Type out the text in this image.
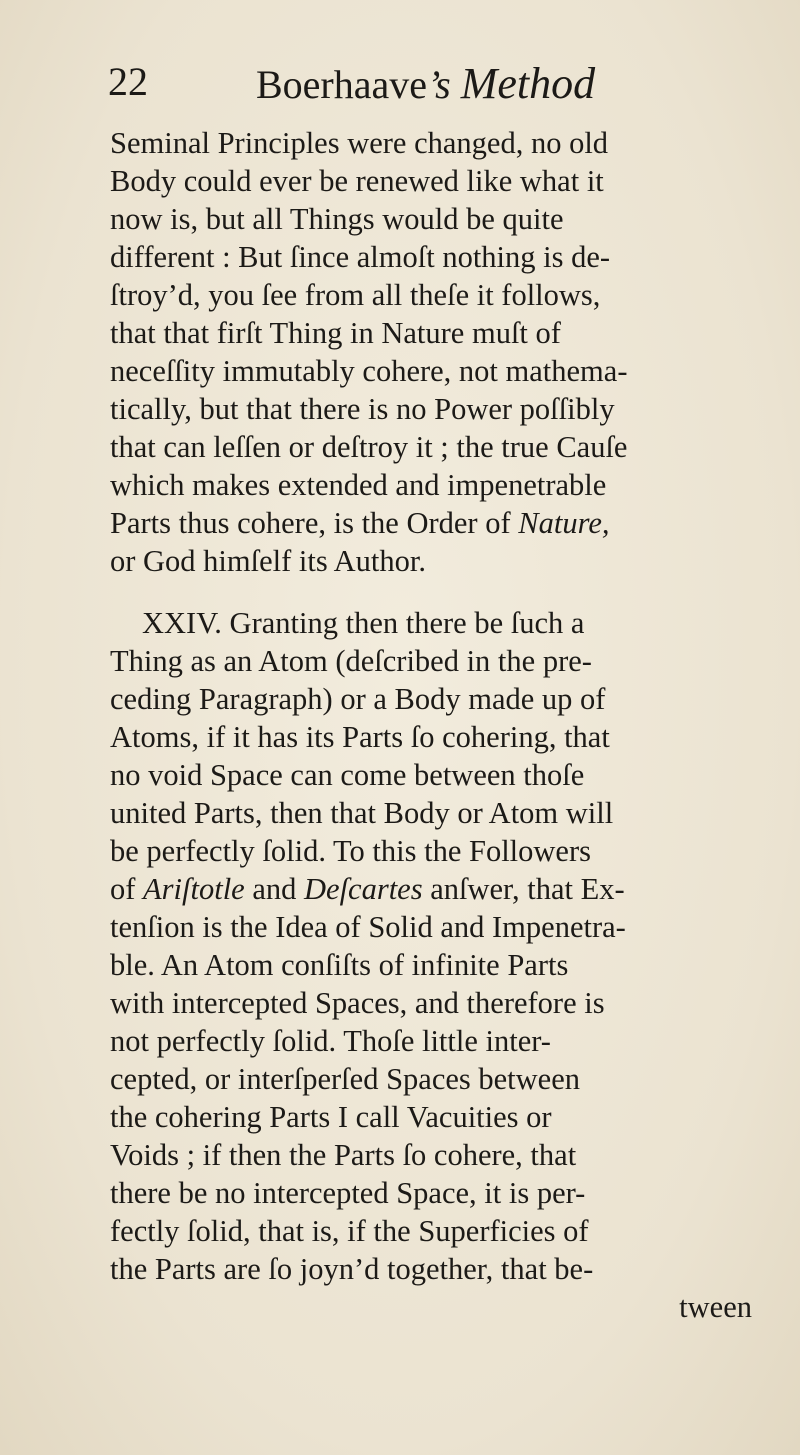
22	Boerhaave’s Method
Seminal Principles were changed, no old
Body could ever be renewed like what it
now is, but all Things would be quite
different : But ſince almoſt nothing is de-
ſtroy’d, you ſee from all theſe it follows,
that that firſt Thing in Nature muſt of
neceſſity immutably cohere, not mathema-
tically, but that there is no Power poſſibly
that can leſſen or deſtroy it ; the true Cauſe
which makes extended and impenetrable
Parts thus cohere, is the Order of Nature,
or God himſelf its Author.
XXIV. Granting then there be ſuch a
Thing as an Atom (deſcribed in the pre-
ceding Paragraph) or a Body made up of
Atoms, if it has its Parts ſo cohering, that
no void Space can come between thoſe
united Parts, then that Body or Atom will
be perfectly ſolid. To this the Followers
of Ariſtotle and Deſcartes anſwer, that Ex-
tenſion is the Idea of Solid and Impenetra-
ble. An Atom conſiſts of infinite Parts
with intercepted Spaces, and therefore is
not perfectly ſolid. Thoſe little inter-
cepted, or interſperſed Spaces between
the cohering Parts I call Vacuities or
Voids ; if then the Parts ſo cohere, that
there be no intercepted Space, it is per-
fectly ſolid, that is, if the Superficies of
the Parts are ſo joyn’d together, that be-
tween
